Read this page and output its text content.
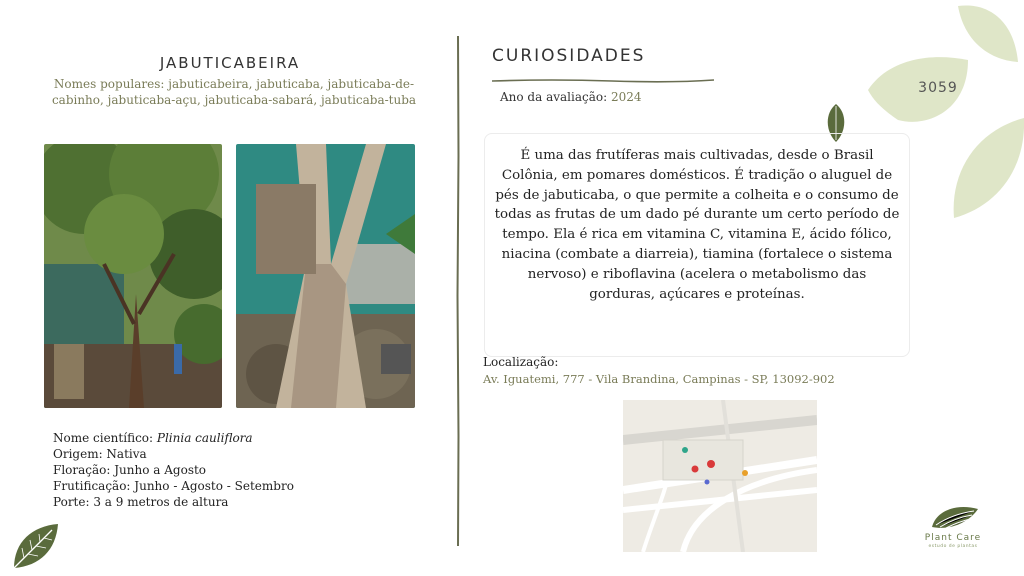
JABUTICABEIRA
Nomes populares: jabuticabeira, jabuticaba, jabuticaba-de-cabinho, jabuticaba-açu, jabuticaba-sabará, jabuticaba-tuba
Nome científico: Plinia cauliflora
Origem: Nativa
Floração: Junho a Agosto
Frutificação: Junho - Agosto - Setembro
Porte: 3 a 9 metros de altura
CURIOSIDADES
Ano da avaliação: 2024
É uma das frutíferas mais cultivadas, desde o Brasil Colônia, em pomares domésticos. É tradição o aluguel de pés de jabuticaba, o que permite a colheita e o consumo de todas as frutas de um dado pé durante um certo período de tempo. Ela é rica em vitamina C, vitamina E, ácido fólico, niacina (combate a diarreia), tiamina (fortalece o sistema nervoso) e riboflavina (acelera o metabolismo das gorduras, açúcares e proteínas.
Localização:
Av. Iguatemi, 777 - Vila Brandina, Campinas - SP, 13092-902
3059
Plant Care
estudo de plantas
